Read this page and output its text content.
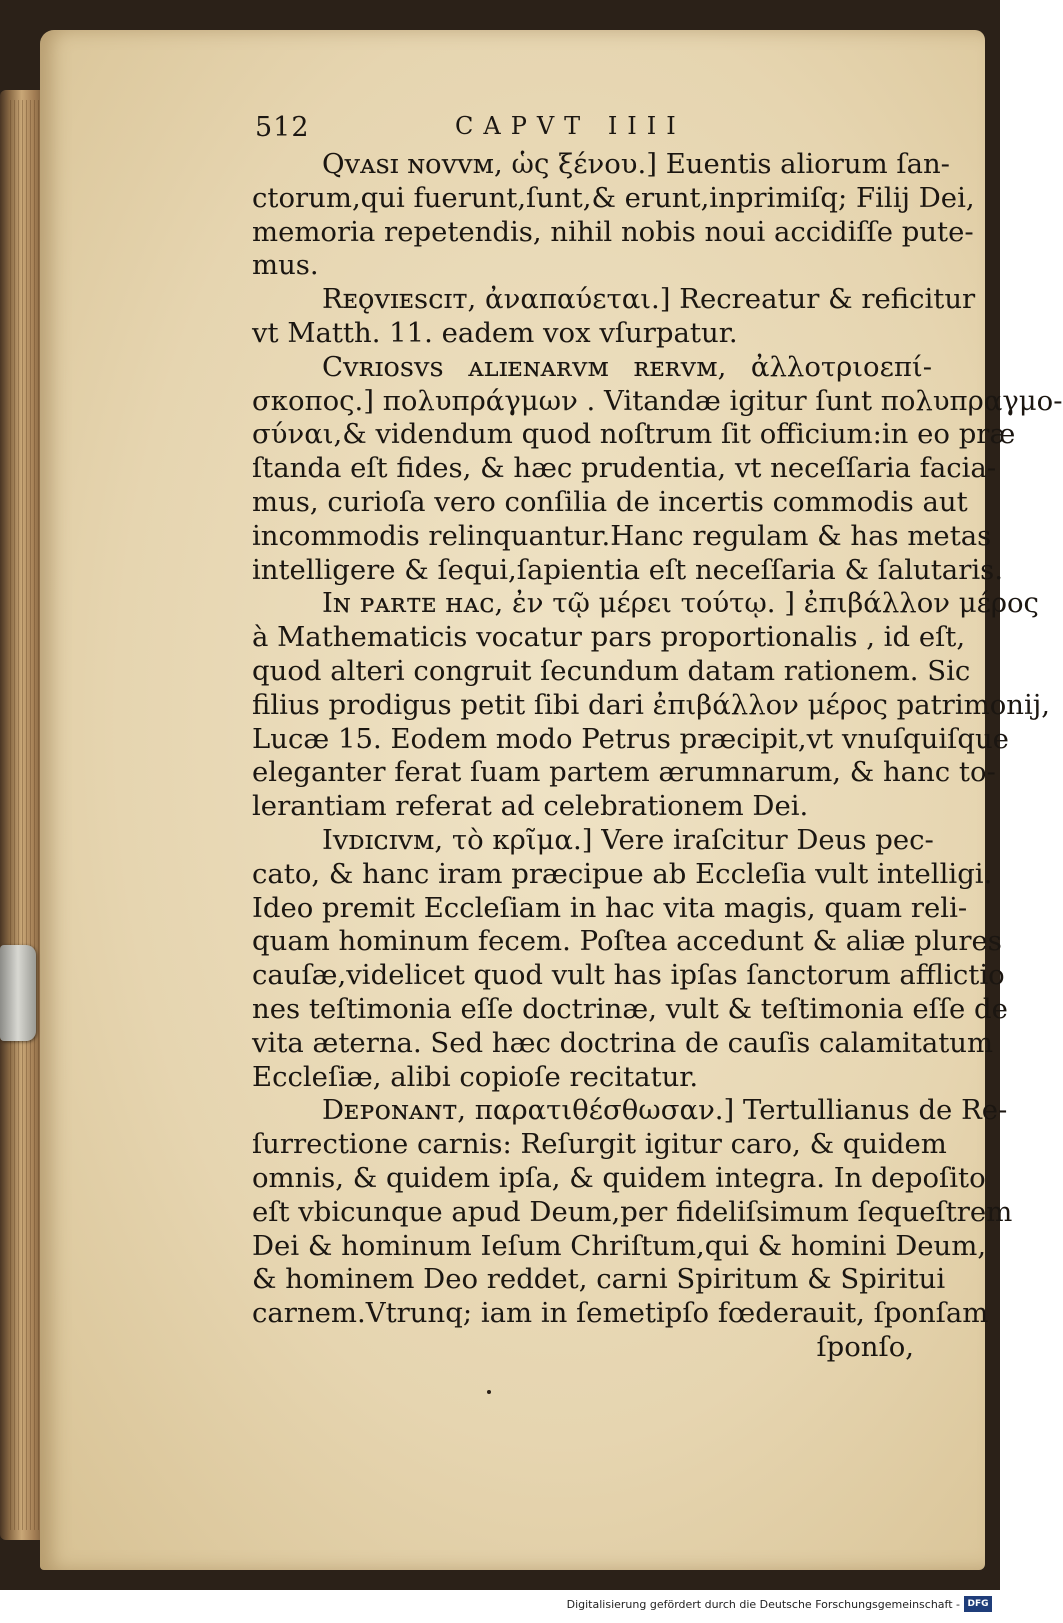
512	CAPVT IIII
Qᴠᴀsɪ ɴᴏᴠᴠᴍ, ὡς ξένου.] Euentis aliorum ſan-
ctorum,qui fuerunt,ſunt,& erunt,inprimiſq; Filij Dei,
memoria repetendis, nihil nobis noui accidiſſe pute-
mus.
Rᴇǫᴠɪᴇsᴄɪᴛ, ἀναπαύεται.] Recreatur & reficitur
vt Matth. 11. eadem vox vſurpatur.
Cᴠʀɪᴏsᴠs ᴀʟɪᴇɴᴀʀᴠᴍ ʀᴇʀᴠᴍ, ἀλλοτριοεπί-
σκοπος.] πολυπράγμων . Vitandæ igitur ſunt πολυπραγμο-
σύναι,& videndum quod noſtrum ſit officium:in eo præ
ſtanda eſt fides, & hæc prudentia, vt neceſſaria facia-
mus, curioſa vero conſilia de incertis commodis aut
incommodis relinquantur.Hanc regulam & has metas
intelligere & ſequi,ſapientia eſt neceſſaria & ſalutaris.
Iɴ ᴘᴀʀᴛᴇ ʜᴀᴄ, ἐν τῷ μέρει τούτῳ. ] ἐπιβάλλον μέρος
à Mathematicis vocatur pars proportionalis , id eſt,
quod alteri congruit ſecundum datam rationem. Sic
filius prodigus petit ſibi dari ἐπιβάλλον μέρος patrimonij,
Lucæ 15. Eodem modo Petrus præcipit,vt vnuſquiſque
eleganter ferat ſuam partem ærumnarum, & hanc to-
lerantiam referat ad celebrationem Dei.
Iᴠᴅɪᴄɪᴠᴍ, τὸ κρῖμα.] Vere iraſcitur Deus pec-
cato, & hanc iram præcipue ab Eccleſia vult intelligi.
Ideo premit Eccleſiam in hac vita magis, quam reli-
quam hominum fecem. Poſtea accedunt & aliæ plures
cauſæ,videlicet quod vult has ipſas ſanctorum afflictio
nes teſtimonia eſſe doctrinæ, vult & teſtimonia eſſe de
vita æterna. Sed hæc doctrina de cauſis calamitatum
Eccleſiæ, alibi copioſe recitatur.
Dᴇᴘᴏɴᴀɴᴛ, παρατιθέσθωσαν.] Tertullianus de Re-
ſurrectione carnis: Reſurgit igitur caro, & quidem
omnis, & quidem ipſa, & quidem integra. In depoſito
eſt vbicunque apud Deum,per fideliſsimum ſequeſtrem
Dei & hominum Ieſum Chriſtum,qui & homini Deum,
& hominem Deo reddet, carni Spiritum & Spiritui
carnem.Vtrunq; iam in ſemetipſo fœderauit, ſponſam
ſponſo,
Digitalisierung gefördert durch die Deutsche Forschungsgemeinschaft - DFG
